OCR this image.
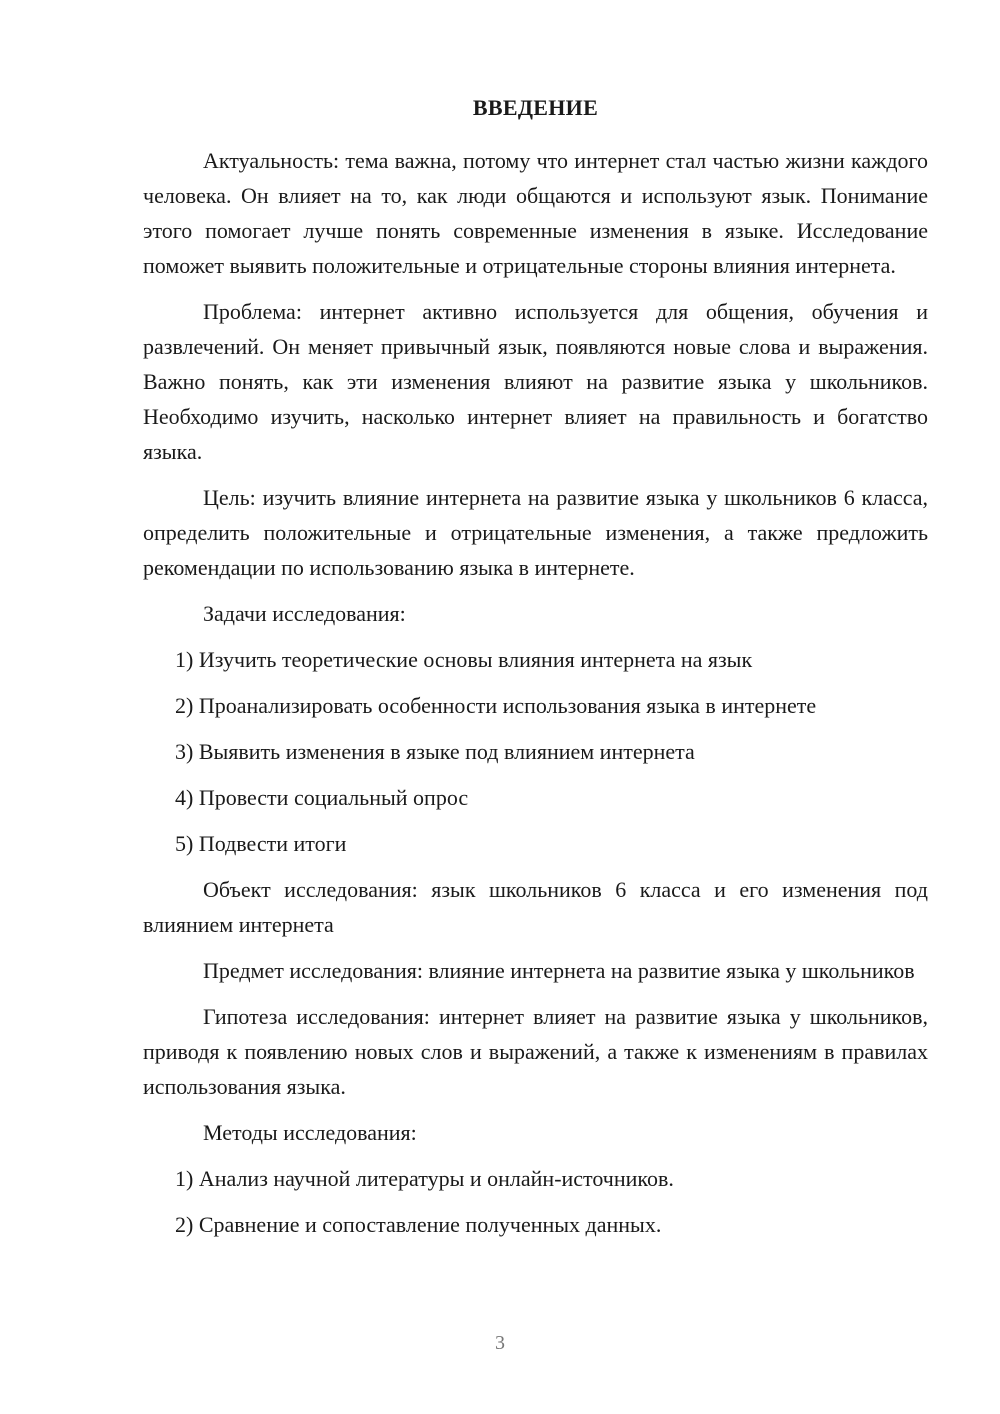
ВВЕДЕНИЕ

Актуальность: тема важна, потому что интернет стал частью жизни каждого человека. Он влияет на то, как люди общаются и используют язык. Понимание этого помогает лучше понять современные изменения в языке. Исследование поможет выявить положительные и отрицательные стороны влияния интернета.

Проблема: интернет активно используется для общения, обучения и развлечений. Он меняет привычный язык, появляются новые слова и выражения. Важно понять, как эти изменения влияют на развитие языка у школьников. Необходимо изучить, насколько интернет влияет на правильность и богатство языка.

Цель: изучить влияние интернета на развитие языка у школьников 6 класса, определить положительные и отрицательные изменения, а также предложить рекомендации по использованию языка в интернете.

Задачи исследования:
1) Изучить теоретические основы влияния интернета на язык
2) Проанализировать особенности использования языка в интернете
3) Выявить изменения в языке под влиянием интернета
4) Провести социальный опрос
5) Подвести итоги

Объект исследования: язык школьников 6 класса и его изменения под влиянием интернета

Предмет исследования: влияние интернета на развитие языка у школьников

Гипотеза исследования: интернет влияет на развитие языка у школьников, приводя к появлению новых слов и выражений, а также к изменениям в правилах использования языка.

Методы исследования:
1) Анализ научной литературы и онлайн-источников.
2) Сравнение и сопоставление полученных данных.
3
